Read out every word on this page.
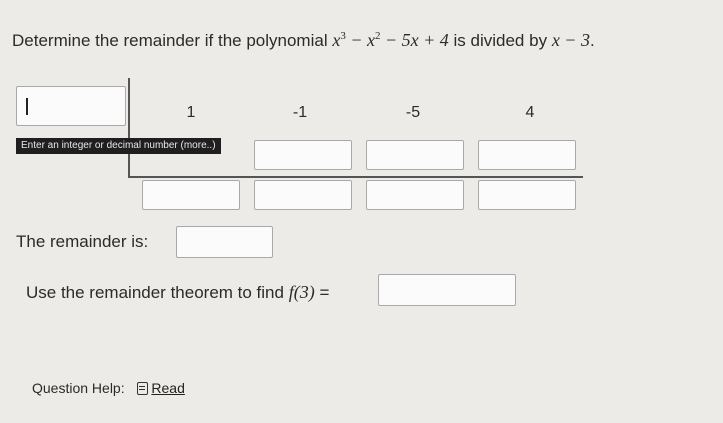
Determine the remainder if the polynomial $x^3 - x^2 - 5x + 4$ is divided by x − 3.
1	-1	-5	4
Enter an integer or decimal number (more..)
The remainder is:
Use the remainder theorem to find f(3) =
Question Help: Read
